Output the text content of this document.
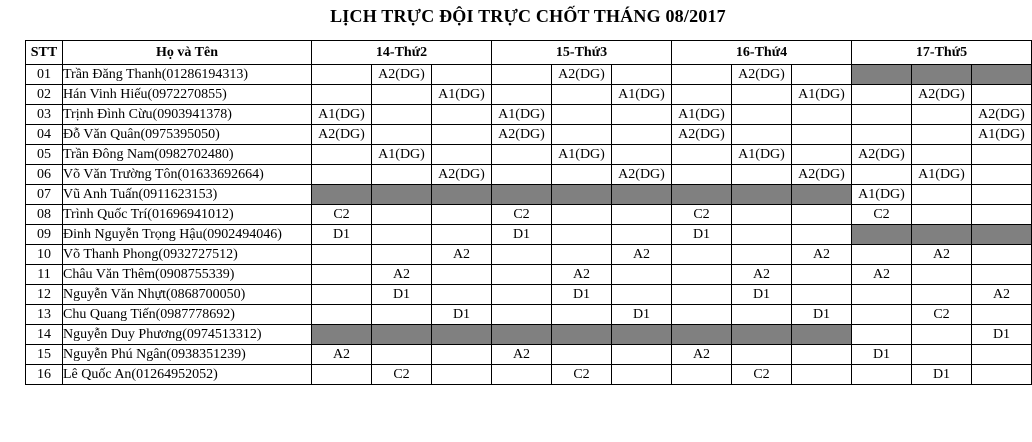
LỊCH TRỰC ĐỘI TRỰC CHỐT THÁNG 08/2017
STT	Họ và Tên	14-Thứ2			15-Thứ3			16-Thứ4			17-Thứ5		
01	Trần Đăng Thanh(01286194313)		A2(DG)			A2(DG)			A2(DG)				
02	Hán Vinh Hiếu(0972270855)			A1(DG)			A1(DG)			A1(DG)		A2(DG)	
03	Trịnh Đình Cừu(0903941378)	A1(DG)			A1(DG)			A1(DG)					A2(DG)
04	Đỗ Văn Quân(0975395050)	A2(DG)			A2(DG)			A2(DG)					A1(DG)
05	Trần Đông Nam(0982702480)		A1(DG)			A1(DG)			A1(DG)		A2(DG)		
06	Võ Văn Trường Tôn(01633692664)			A2(DG)			A2(DG)			A2(DG)		A1(DG)	
07	Vũ Anh Tuấn(0911623153)										A1(DG)		
08	Trình Quốc Trí(01696941012)	C2			C2			C2			C2		
09	Đinh Nguyễn Trọng Hậu(0902494046)	D1			D1			D1					
10	Võ Thanh Phong(0932727512)			A2			A2			A2		A2	
11	Châu Văn Thêm(0908755339)		A2			A2			A2		A2		
12	Nguyễn Văn Nhựt(0868700050)		D1			D1			D1				A2
13	Chu Quang Tiến(0987778692)			D1			D1			D1		C2	
14	Nguyễn Duy Phương(0974513312)												D1
15	Nguyễn Phú Ngân(0938351239)	A2			A2			A2			D1		
16	Lê Quốc An(01264952052)		C2			C2			C2			D1	
